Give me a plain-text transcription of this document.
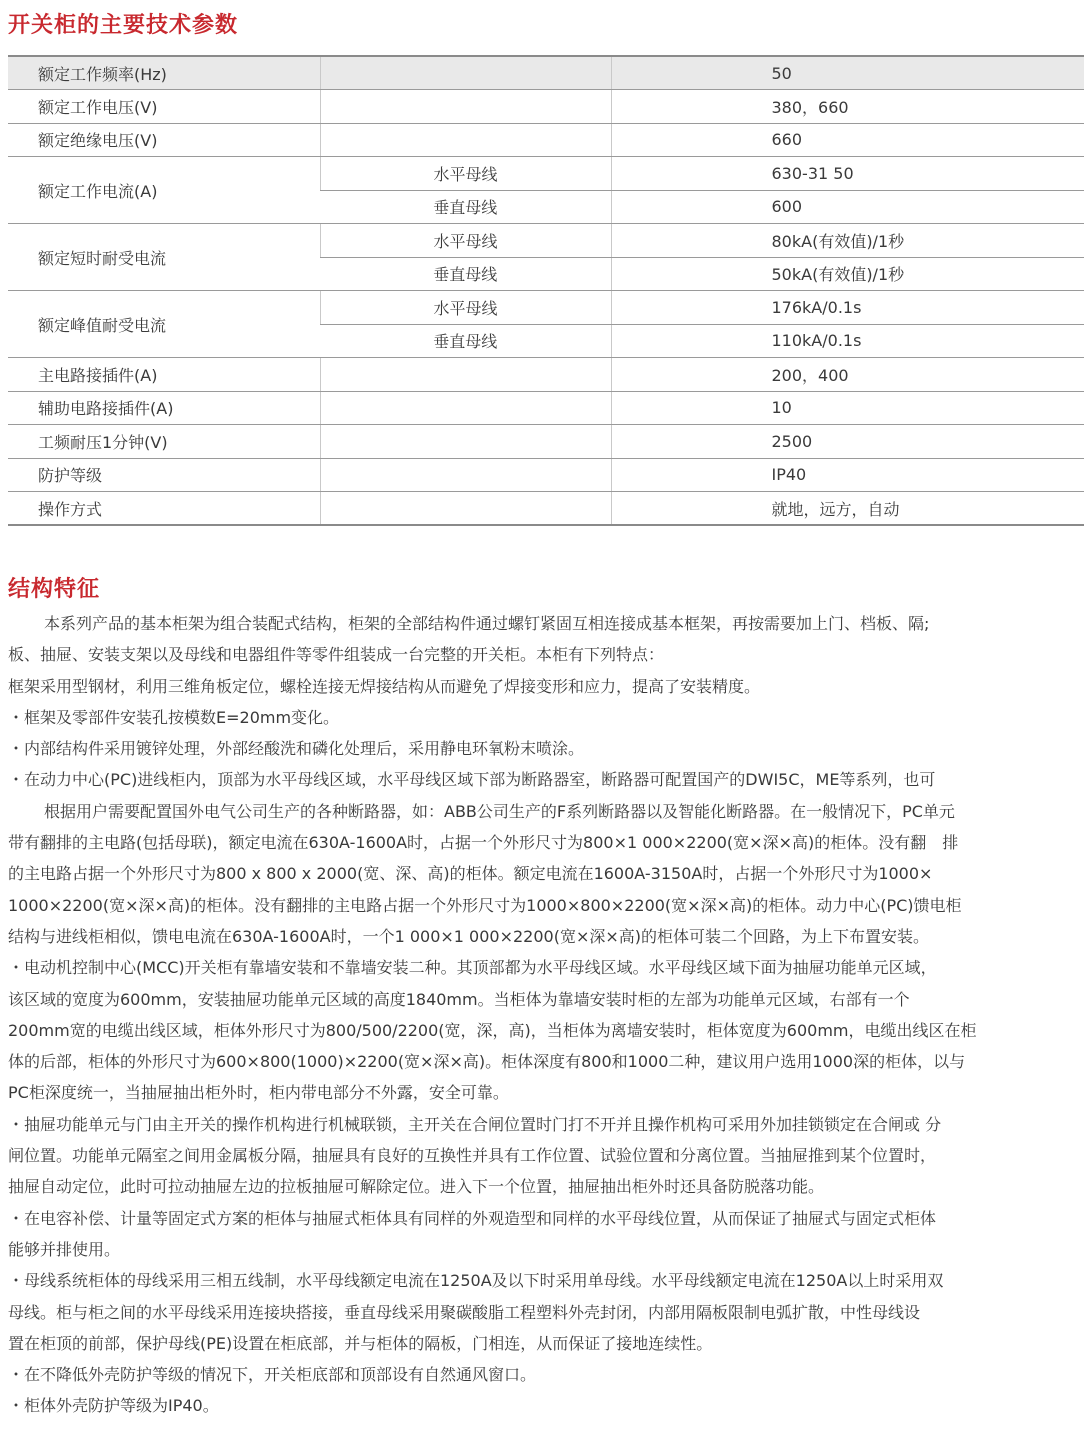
开关柜的主要技术参数
额定工作频率(Hz)		50
额定工作电压(V)		380，660
额定绝缘电压(V)		660
额定工作电流(A)	水平母线	630-31 50
	垂直母线	600
额定短时耐受电流	水平母线	80kA(有效值)/1秒
	垂直母线	50kA(有效值)/1秒
额定峰值耐受电流	水平母线	176kA/0.1s
	垂直母线	110kA/0.1s
主电路接插件(A)		200，400
辅助电路接插件(A)		10
工频耐压1分钟(V)		2500
防护等级		IP40
操作方式		就地，远方，自动
结构特征

本系列产品的基本柜架为组合装配式结构，柜架的全部结构件通过螺钉紧固互相连接成基本框架，再按需要加上门、档板、隔;

板、抽屉、安装支架以及母线和电器组件等零件组装成一台完整的开关柜。本柜有下列特点：

框架采用型钢材，利用三维角板定位，螺栓连接无焊接结构从而避免了焊接变形和应力，提高了安装精度。

・框架及零部件安装孔按模数E=20mm变化。

・内部结构件采用镀锌处理，外部经酸洗和磷化处理后，采用静电环氧粉末喷涂。

・在动力中心(PC)进线柜内，顶部为水平母线区域，水平母线区域下部为断路器室，断路器可配置国产的DWI5C，ME等系列，也可

根据用户需要配置国外电气公司生产的各种断路器，如：ABB公司生产的F系列断路器以及智能化断路器。在一般情况下，PC单元

带有翻排的主电路(包括母联)，额定电流在630A-1600A时，占据一个外形尺寸为800×1 000×2200(宽×深×高)的柜体。没有翻　排

的主电路占据一个外形尺寸为800 x 800 x 2000(宽、深、高)的柜体。额定电流在1600A-3150A时，占据一个外形尺寸为1000×

1000×2200(宽×深×高)的柜体。没有翻排的主电路占据一个外形尺寸为1000×800×2200(宽×深×高)的柜体。动力中心(PC)馈电柜

结构与进线柜相似，馈电电流在630A-1600A时，一个1 000×1 000×2200(宽×深×高)的柜体可装二个回路，为上下布置安装。

・电动机控制中心(MCC)开关柜有靠墙安装和不靠墙安装二种。其顶部都为水平母线区域。水平母线区域下面为抽屉功能单元区域，

该区域的宽度为600mm，安装抽屉功能单元区域的高度1840mm。当柜体为靠墙安装时柜的左部为功能单元区域，右部有一个

200mm宽的电缆出线区域，柜体外形尺寸为800/500/2200(宽，深，高)，当柜体为离墙安装时，柜体宽度为600mm，电缆出线区在柜

体的后部，柜体的外形尺寸为600×800(1000)×2200(宽×深×高)。柜体深度有800和1000二种，建议用户选用1000深的柜体，以与

PC柜深度统一，当抽屉抽出柜外时，柜内带电部分不外露，安全可靠。

・抽屉功能单元与门由主开关的操作机构进行机械联锁，主开关在合闸位置时门打不开并且操作机构可采用外加挂锁锁定在合闸或 分

闸位置。功能单元隔室之间用金属板分隔，抽屉具有良好的互换性并具有工作位置、试验位置和分离位置。当抽屉推到某个位置时，

抽屉自动定位，此时可拉动抽屉左边的拉板抽屉可解除定位。进入下一个位置，抽屉抽出柜外时还具备防脱落功能。

・在电容补偿、计量等固定式方案的柜体与抽屉式柜体具有同样的外观造型和同样的水平母线位置，从而保证了抽屉式与固定式柜体

能够并排使用。

・母线系统柜体的母线采用三相五线制，水平母线额定电流在1250A及以下时采用单母线。水平母线额定电流在1250A以上时采用双

母线。柜与柜之间的水平母线采用连接块搭接，垂直母线采用聚碳酸脂工程塑料外壳封闭，内部用隔板限制电弧扩散，中性母线设

置在柜顶的前部，保护母线(PE)设置在柜底部，并与柜体的隔板，门相连，从而保证了接地连续性。

・在不降低外壳防护等级的情况下，开关柜底部和顶部设有自然通风窗口。

・柜体外壳防护等级为IP40。
